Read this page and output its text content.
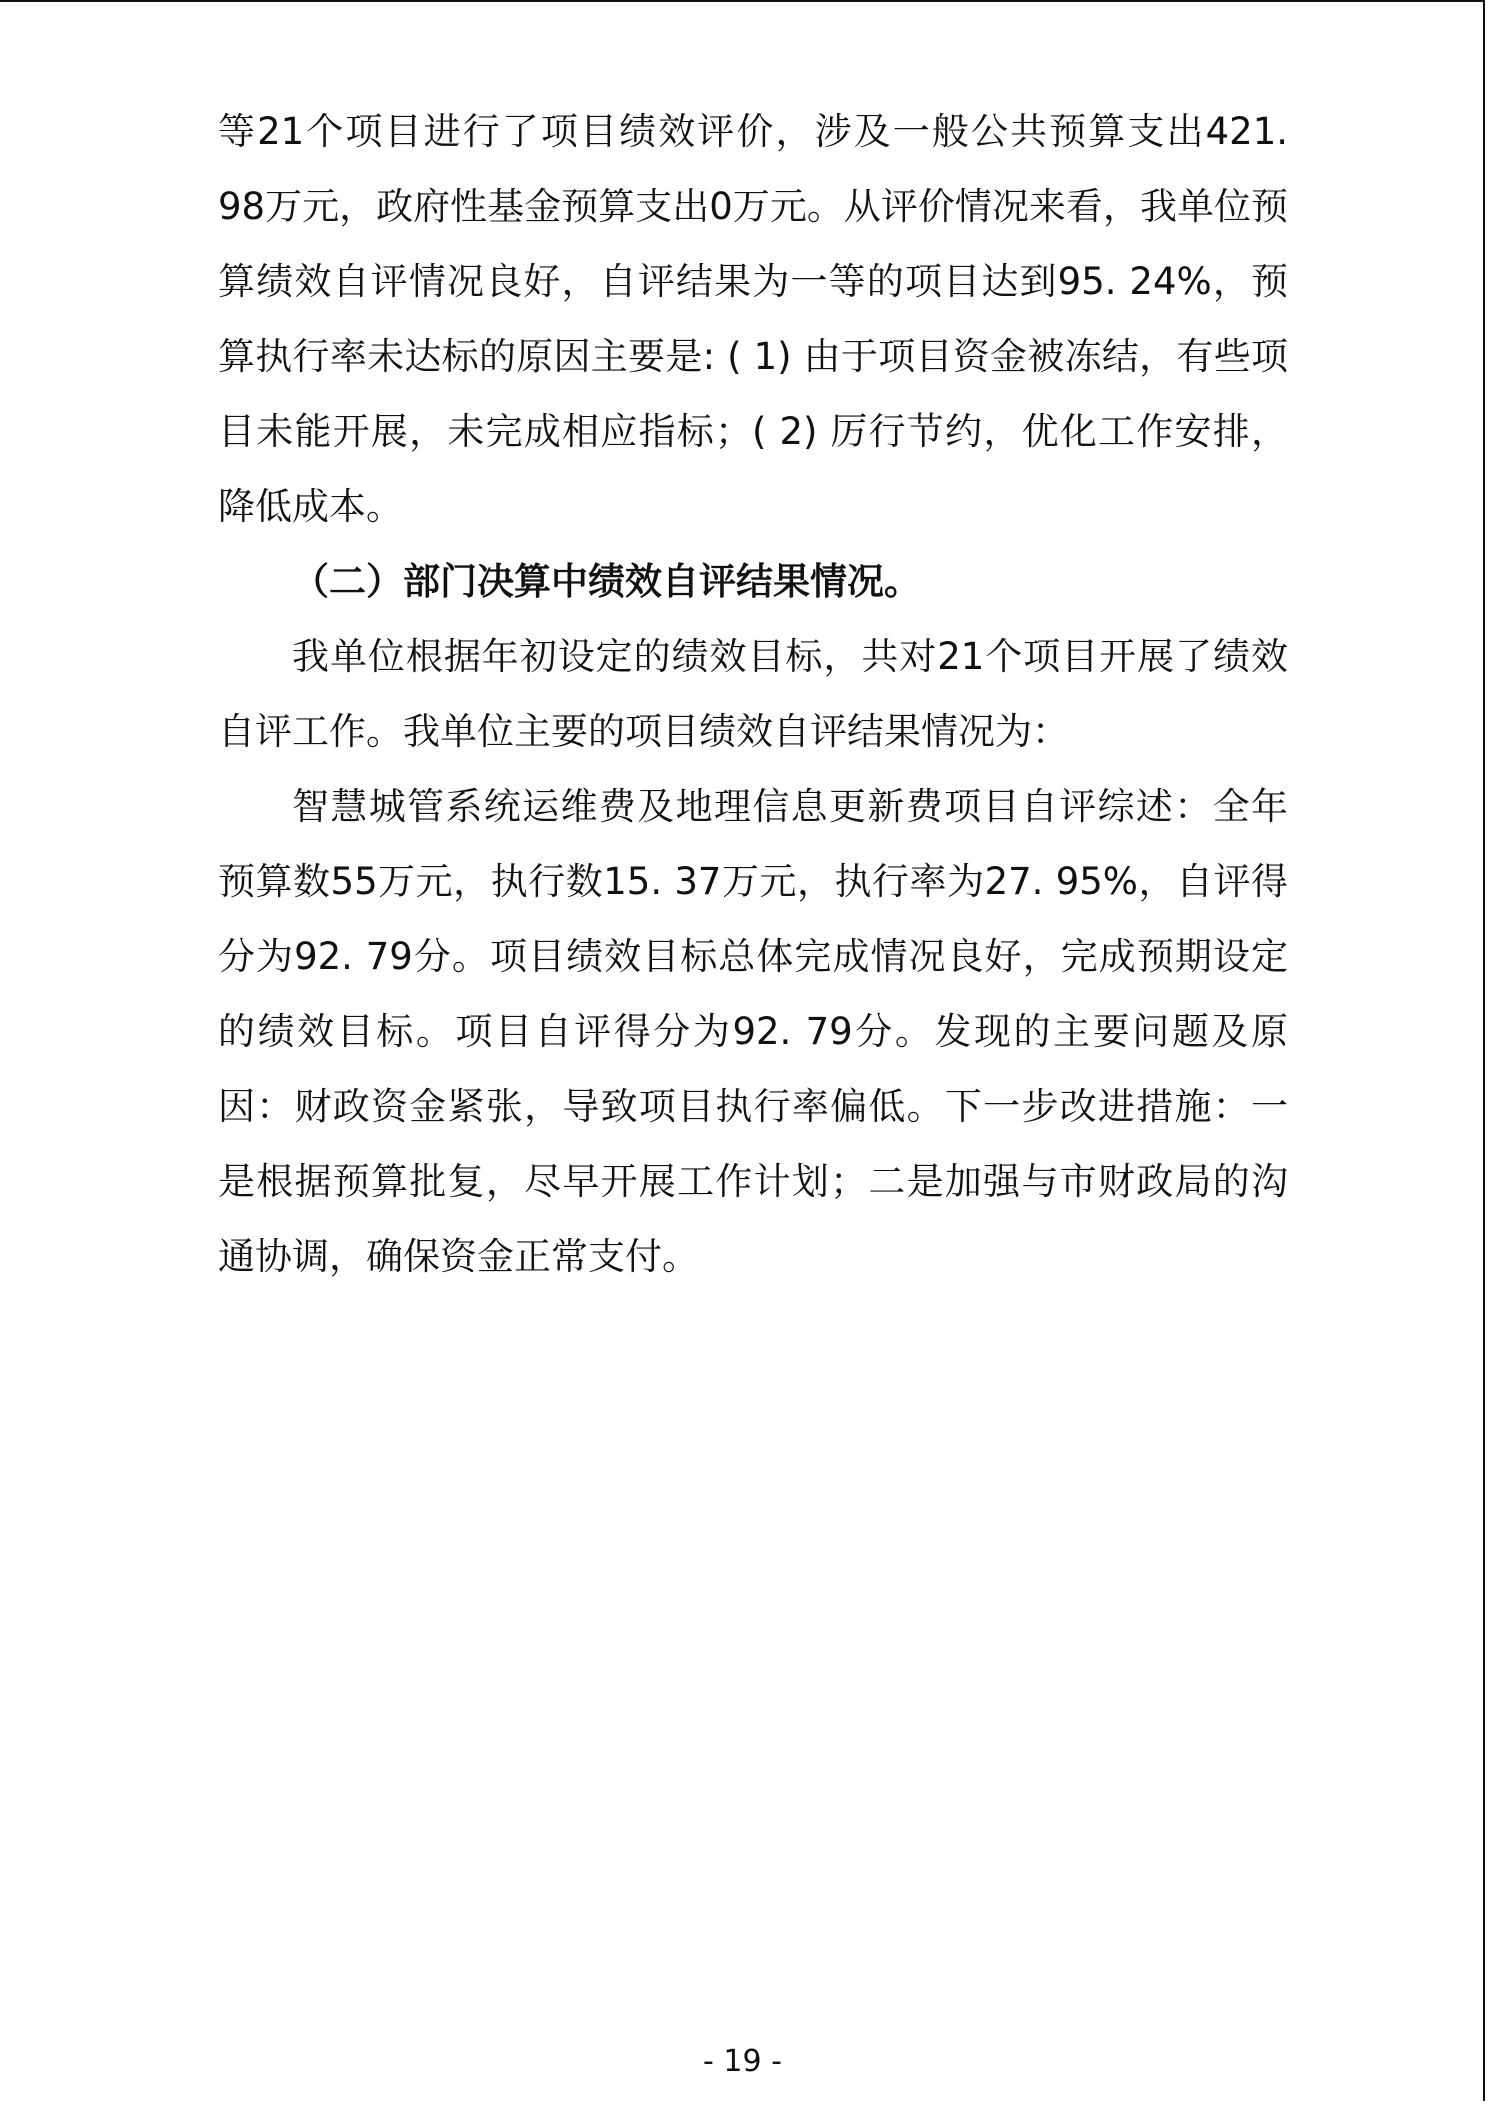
等21个项目进行了项目绩效评价，涉及一般公共预算支出421. 98万元，政府性基金预算支出0万元。从评价情况来看，我单位预算绩效自评情况良好，自评结果为一等的项目达到95. 24%，预算执行率未达标的原因主要是: ( 1) 由于项目资金被冻结，有些项目未能开展，未完成相应指标；( 2) 厉行节约，优化工作安排，降低成本。

（二）部门决算中绩效自评结果情况。

我单位根据年初设定的绩效目标，共对21个项目开展了绩效自评工作。我单位主要的项目绩效自评结果情况为：

智慧城管系统运维费及地理信息更新费项目自评综述：全年预算数55万元，执行数15. 37万元，执行率为27. 95%，自评得分为92. 79分。项目绩效目标总体完成情况良好，完成预期设定的绩效目标。项目自评得分为92. 79分。发现的主要问题及原因：财政资金紧张，导致项目执行率偏低。下一步改进措施：一是根据预算批复，尽早开展工作计划；二是加强与市财政局的沟通协调，确保资金正常支付。

- 19 -
